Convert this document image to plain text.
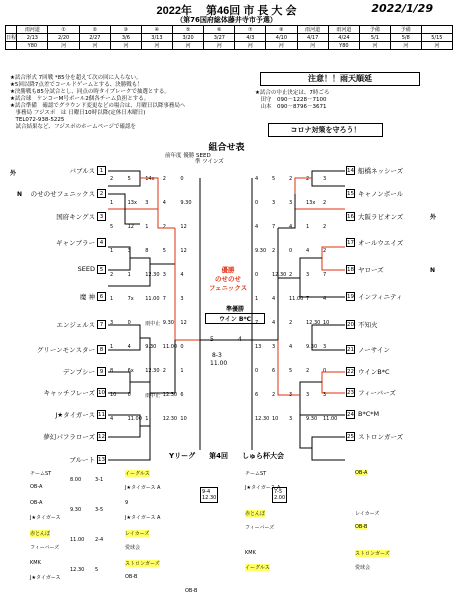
2022年　 第46回 市 長 大 会	2022/1/29
（第76国府総体藤井寺市予選）
	雨河道	①	②	③	④	⑤	⑥	⑦	⑧	雨河道	雨河道	予備	予備	
日程	2/13	2/20	2/27	3/6	3/13	3/20	3/27	4/3	4/10	4/17	4/24	5/1	5/8	5/15
	Y80	河	河	河	河	河	河	河	河	河	Y80	河	河	河
★試合形式 7回戦 *85分を超えて次の回に入らない。
★5回以降7点差でコールドゲームとする、決勝戦も！
★決勝戦も85分試合とし、同点の時タイブレークで抽選とする。
★試合球　ケンコーM号ボール2個各チーム負担とする。
★試合準備　確認でグラウンド変更などの場合は、月曜日以降事務局へ
　事務局 フジスポ　は 日曜日10時以降(定休日木曜日)
　TEL072-938-5225
　試合結果など、フジスポのホームページで確認を
注意！！雨天順延
★試合の中止決定は、7時ごろ
　田守　090－1228－7100
　山本　090－8796－3671
コロナ対策を守ろう！
組合せ表
前年度 優勝 SEED
準 ツインズ
バブルス 1
のせのせフェニックス 2
国府キングス 3
ギャンブラー 4
SEED 5
魔 神 6
エンジェルス 7
グリーンモンスター 8
デンプシー 9
キャッチフレーズ 10
J★タイガース 11
夢幻パフラローズ 12
ブルート 13
14 船橋ネッシーズ
15 キャノンボール
16 大阪ラビオンズ
17 オールウエイズ
18 ヤローズ
19 インフィニティ
20 不知火
21 ノーサイン
22 ウインB*C
23 フィーバーズ
24 B*C*M
25 ストロンガーズ
外
N
外
N
2	5	14x 2	0
1	13x 3	4	9.30
5	12 1	2	12
1	3	8	5	12
2	1	12.30 3	4
1	7x 11.00 7	3
3	0	雨中止 9.30 12
1	4	9.30 11.00 0
8	6x 12.30 2	1
10 0	雨中止 12.30 6
4	11.00 1	12.30 10
4	5	2	2	3
0	3	3	13x 2
4	7	4	1	2
9.30 2	0	4	2
0	12.30 2	3	7
1	4	11.00 7	4
7	4	2	12.30 10
13 3	4	9.30 3
0	6	5	2	0
6	2	3	3	3
12.30 10 3	9.30 11.00
優勝
のせのせ
フェニックス
準優勝
ウイン B*C
5	4
8-3
11.00
9-4
12.30
7-5
2.00
Yリーグ　　第4回　　しゅら杯大会
チームST
OB-A
8.00	3-1
イーグルス
J★タイガース A
OB-A
J★タイガース
9.30	3-5
9
J★タイガース A
赤とんぼ
フィーバーズ
11.00 2-4
レイカーズ
愛球会
KMK
J★タイガース
12.30 5
ストロンガーズ
OB-B
チームST
J★タイガース A
OB-A
赤とんぼ
フィーバーズ
レイカーズ
OB-B
KMK
イーグルス
ストロンガーズ
愛球会
OB-B
